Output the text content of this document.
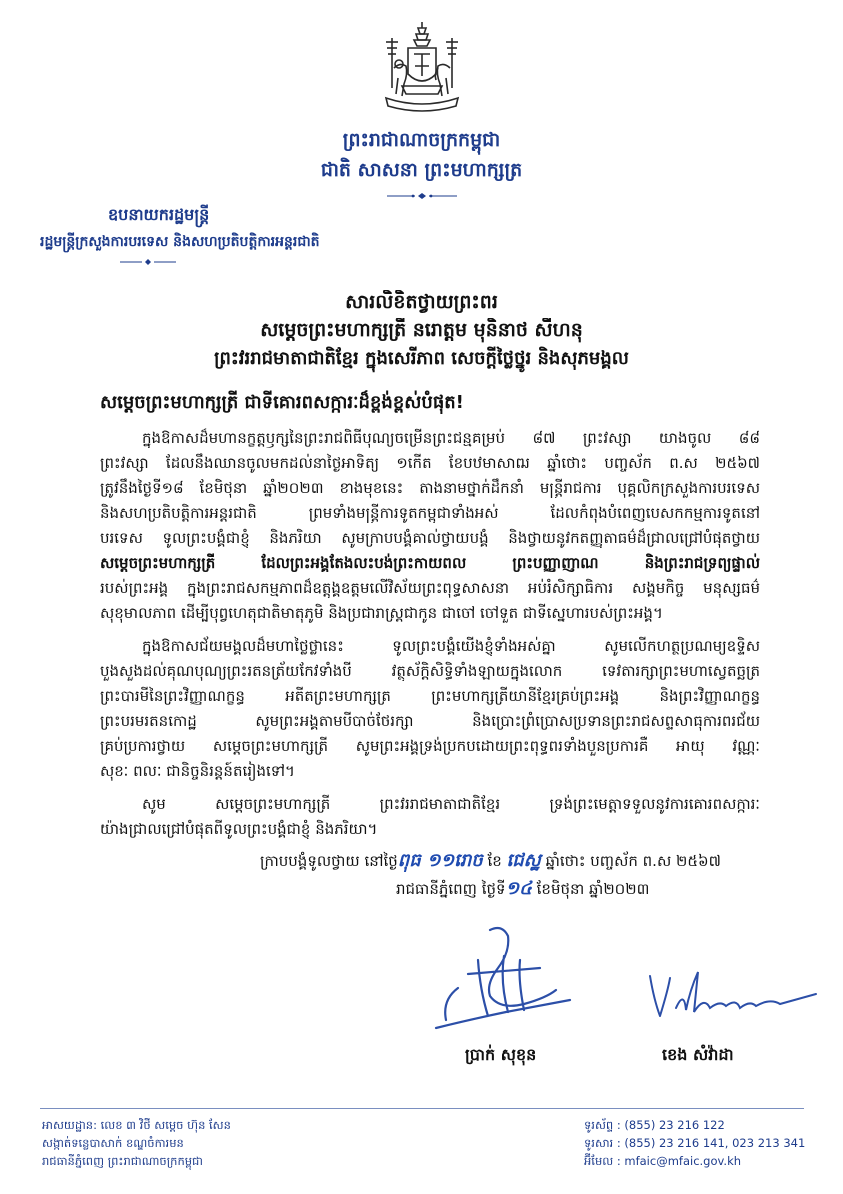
ព្រះរាជាណាចក្រកម្ពុជា
ជាតិ សាសនា ព្រះមហាក្សត្រ
ឧបនាយករដ្ឋមន្ត្រី
រដ្ឋមន្ត្រីក្រសួងការបរទេស និងសហប្រតិបត្តិការអន្តរជាតិ
សារលិខិតថ្វាយព្រះពរ
សម្តេចព្រះមហាក្សត្រី នរោត្តម មុនិនាថ សីហនុ
ព្រះវររាជមាតាជាតិខ្មែរ ក្នុងសេរីភាព សេចក្តីថ្លៃថ្នូរ និងសុភមង្គល
សម្តេចព្រះមហាក្សត្រី ជាទីគោរពសក្ការៈដ៏ខ្ពង់ខ្ពស់បំផុត!
ក្នុងឱកាសដ៏មហានក្ខត្តឫក្សនៃព្រះរាជពិធីបុណ្យចម្រើនព្រះជន្មគម្រប់ ៨៧ ព្រះវស្សា យាងចូល ៨៨
ព្រះវស្សា ដែលនឹងឈានចូលមកដល់នាថ្ងៃអាទិត្យ ១កើត ខែបឋមាសាឍ ឆ្នាំថោះ បញ្ចស័ក ព.ស ២៥៦៧
ត្រូវនឹងថ្ងៃទី១៨ ខែមិថុនា ឆ្នាំ២០២៣ ខាងមុខនេះ តាងនាមថ្នាក់ដឹកនាំ មន្ត្រីរាជការ បុគ្គលិកក្រសួងការបរទេស
និងសហប្រតិបត្តិការអន្តរជាតិ ព្រមទាំងមន្ត្រីការទូតកម្ពុជាទាំងអស់ ដែលកំពុងបំពេញបេសកកម្មការទូតនៅ
បរទេស ទូលព្រះបង្គំជាខ្ញុំ និងភរិយា សូមក្រាបបង្គំគាល់ថ្វាយបង្គំ និងថ្វាយនូវកតញ្ញុតាធម៌ដ៏ជ្រាលជ្រៅបំផុតថ្វាយ
សម្តេចព្រះមហាក្សត្រី ដែលព្រះអង្គតែងលះបង់ព្រះកាយពល ព្រះបញ្ញាញាណ និងព្រះរាជទ្រព្យផ្ទាល់
របស់ព្រះអង្គ ក្នុងព្រះរាជសកម្មភាពដ៏ឧត្តុង្គឧត្តមលើវិស័យព្រះពុទ្ធសាសនា អប់រំសិក្សាធិការ សង្គមកិច្ច មនុស្សធម៌
សុខុមាលភាព ដើម្បីបុព្វហេតុជាតិមាតុភូមិ និងប្រជារាស្ត្រជាកូន ជាចៅ ចៅទួត ជាទីស្នេហារបស់ព្រះអង្គ។
ក្នុងឱកាសជ័យមង្គលដ៏មហាថ្លៃថ្លានេះ ទូលព្រះបង្គំយើងខ្ញុំទាំងអស់គ្នា សូមលើកហត្ថប្រណម្យឧទ្ទិស
បួងសួងដល់គុណបុណ្យព្រះរតនត្រ័យកែវទាំងបី វត្ថុស័ក្តិសិទ្ធិទាំងឡាយក្នុងលោក ទេវតារក្សាព្រះមហាស្វេតច្ឆត្រ
ព្រះបារមីនៃព្រះវិញ្ញាណក្ខន្ធ អតីតព្រះមហាក្សត្រ ព្រះមហាក្សត្រីយានីខ្មែរគ្រប់ព្រះអង្គ និងព្រះវិញ្ញាណក្ខន្ធ
ព្រះបរមរតនកោដ្ឋ សូមព្រះអង្គតាមបីបាច់ថែរក្សា និងប្រោះព្រំប្រោសប្រទានព្រះរាជសព្ទសាធុការពរជ័យ
គ្រប់ប្រការថ្វាយ សម្តេចព្រះមហាក្សត្រី សូមព្រះអង្គទ្រង់ប្រកបដោយព្រះពុទ្ធពរទាំងបួនប្រការគឺ អាយុ វណ្ណៈ
សុខៈ ពលៈ ជានិច្ចនិរន្តន៍តរៀងទៅ។
សូម សម្តេចព្រះមហាក្សត្រី ព្រះវររាជមាតាជាតិខ្មែរ ទ្រង់ព្រះមេត្តាទទួលនូវការគោរពសក្ការៈ
យ៉ាងជ្រាលជ្រៅបំផុតពីទូលព្រះបង្គំជាខ្ញុំ និងភរិយា។
ក្រាបបង្គំទូលថ្វាយ នៅថ្ងៃពុធ ១១រោច ខែ ជេស្ឋ ឆ្នាំថោះ បញ្ចស័ក ព.ស ២៥៦៧
រាជធានីភ្នំពេញ ថ្ងៃទី១៤ ខែមិថុនា ឆ្នាំ២០២៣
ប្រាក់ សុខុន	ខេង សំវ៉ាដា
អាសយដ្ឋាន: លេខ ៣ វិថី សម្តេច ហ៊ុន សែន
សង្កាត់ទន្លេបាសាក់ ខណ្ឌចំការមន
រាជធានីភ្នំពេញ ព្រះរាជាណាចក្រកម្ពុជា
ទូរស័ព្ទ : (855) 23 216 122
ទូរសារ : (855) 23 216 141, 023 213 341
អ៊ីមែល : mfaic@mfaic.gov.kh
